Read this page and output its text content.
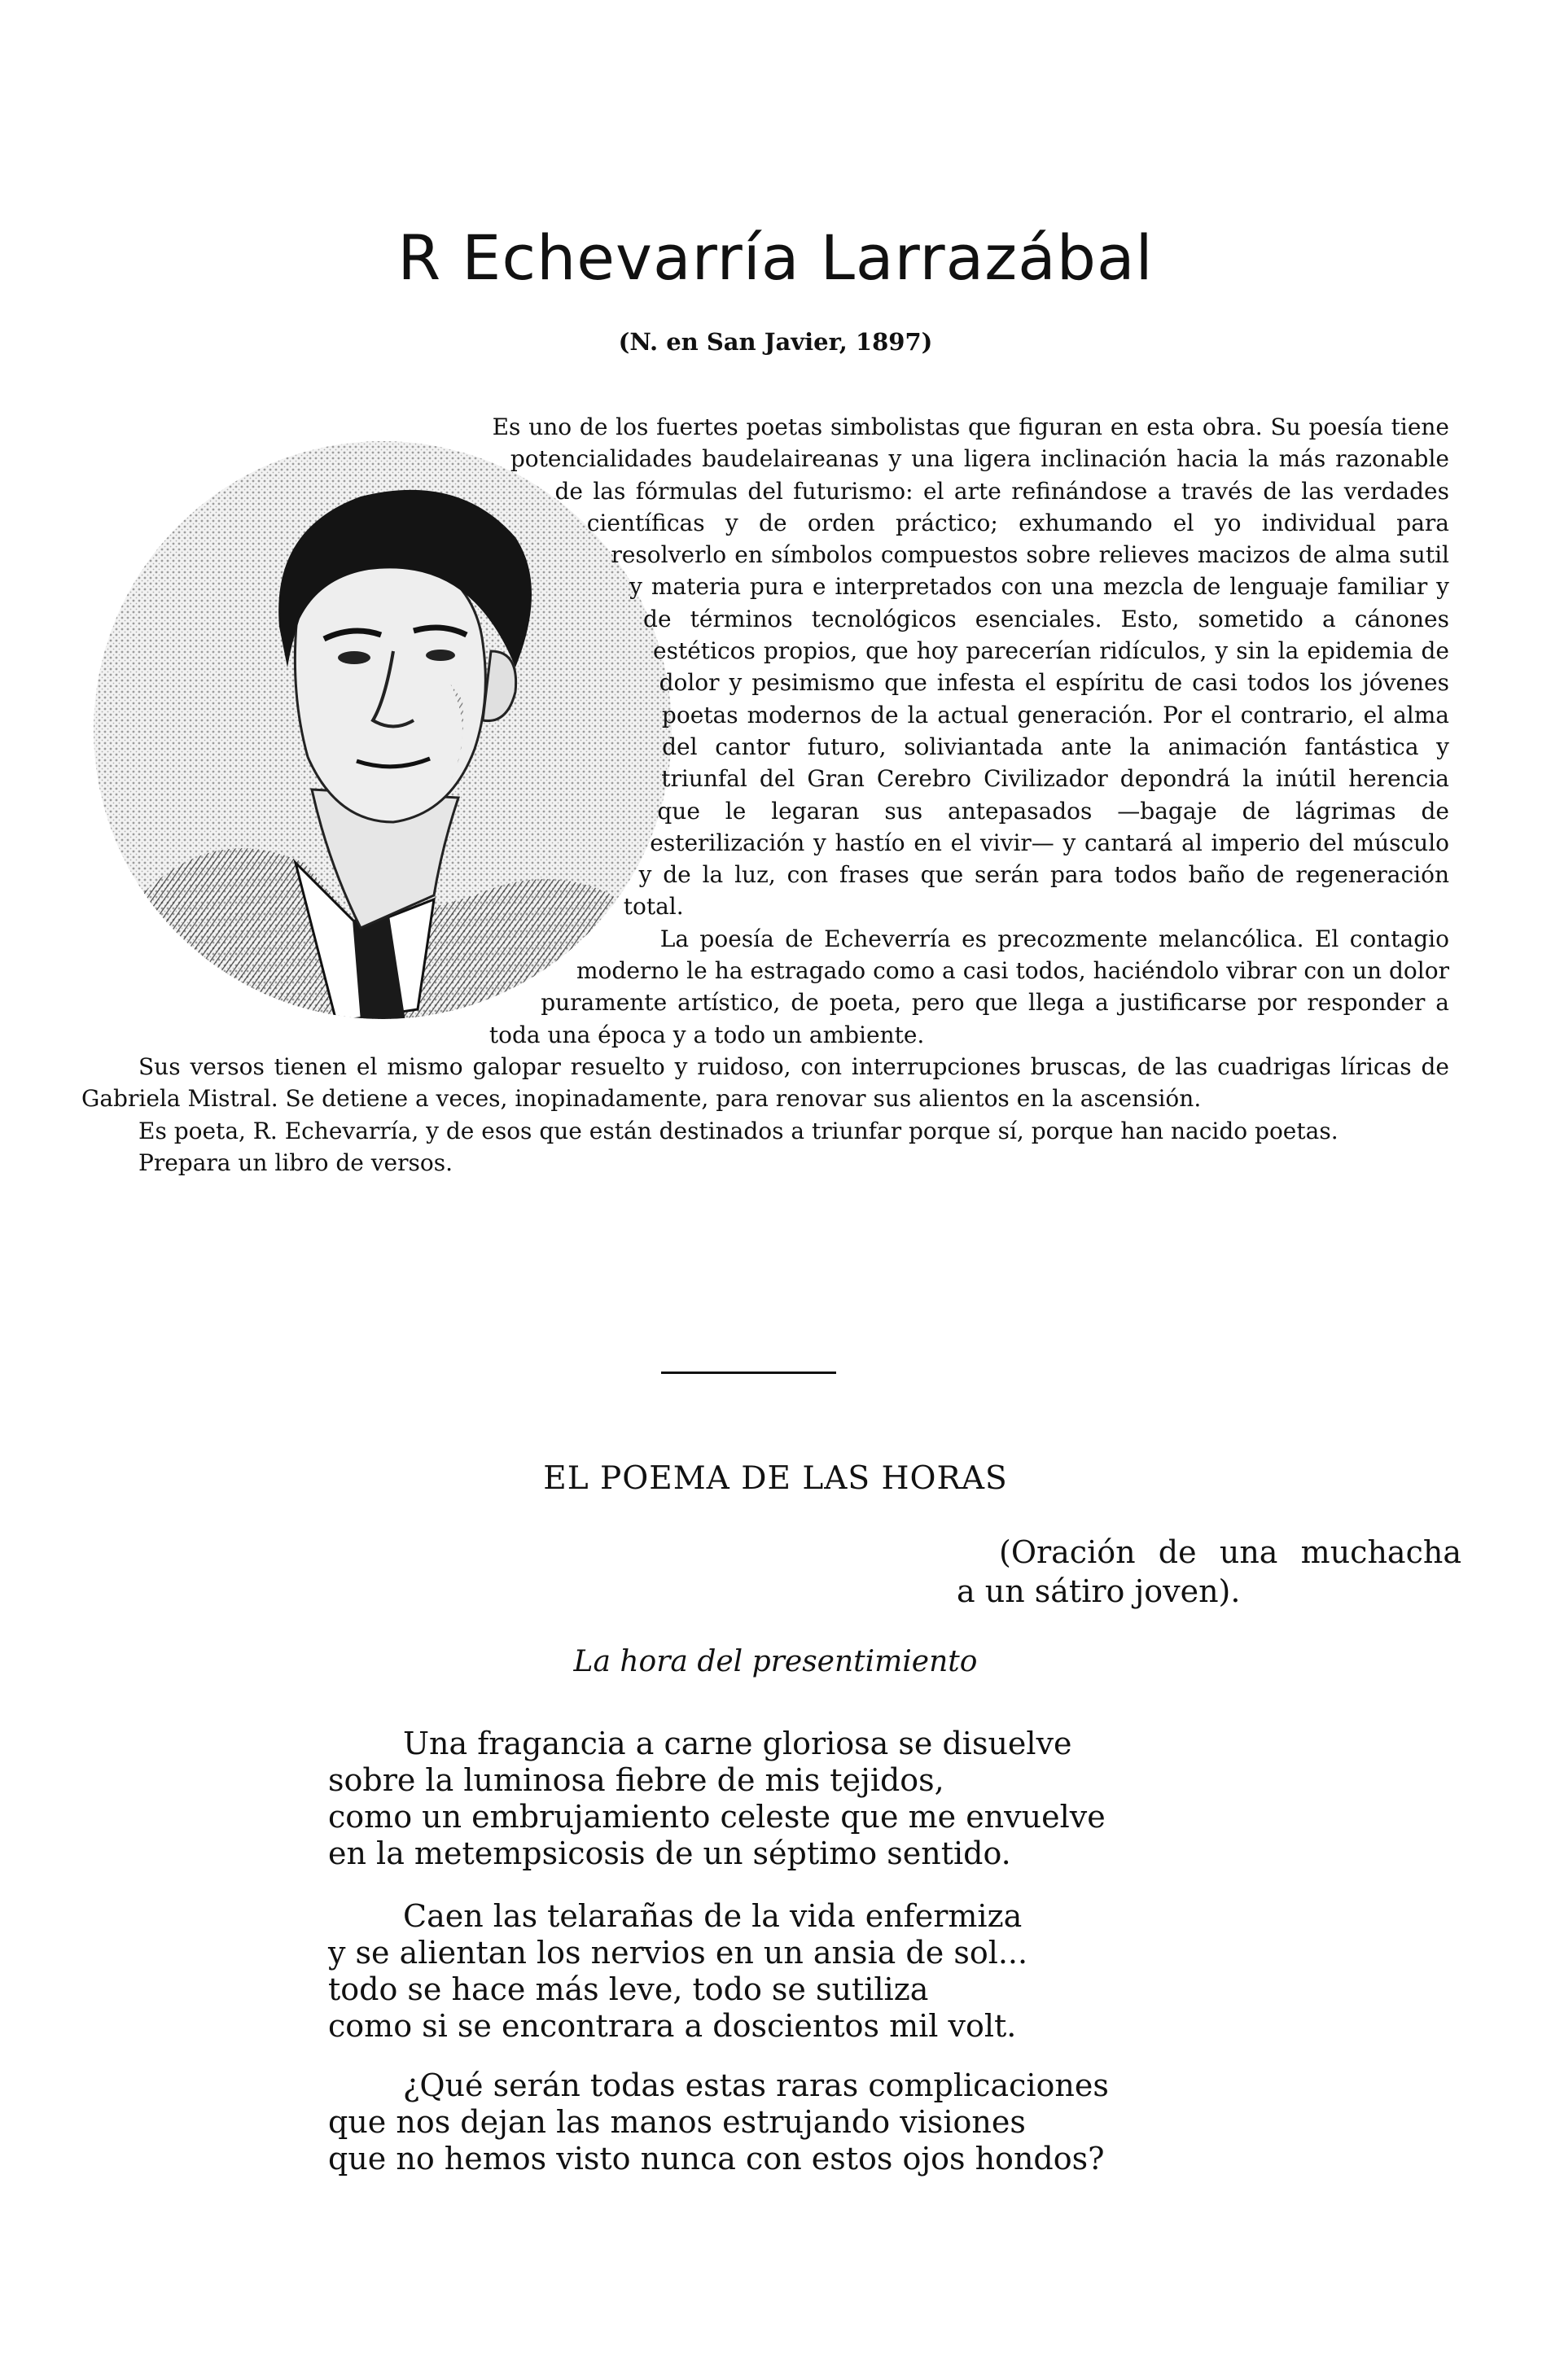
R Echevarría Larrazábal
(N. en San Javier, 1897)

Es uno de los fuertes poetas simbolistas que figuran en esta obra. Su poesía tiene potencialidades baudelaireanas y una ligera inclinación hacia la más razonable de las fórmulas del futurismo: el arte refinándose a través de las verdades científicas y de orden práctico; exhumando el yo individual para resolverlo en símbolos compuestos sobre relieves macizos de alma sutil y materia pura e interpretados con una mezcla de lenguaje familiar y de términos tecnológicos esenciales. Esto, sometido a cánones estéticos propios, que hoy parecerían ridículos, y sin la epidemia de dolor y pesimismo que infesta el espíritu de casi todos los jóvenes poetas modernos de la actual generación. Por el contrario, el alma del cantor futuro, soliviantada ante la animación fantástica y triunfal del Gran Cerebro Civilizador depondrá la inútil herencia que le legaran sus antepasados —bagaje de lágrimas de esterilización y hastío en el vivir— y cantará al imperio del músculo y de la luz, con frases que serán para todos baño de regeneración total.

La poesía de Echeverría es precozmente melancólica. El contagio moderno le ha estragado como a casi todos, haciéndolo vibrar con un dolor puramente artístico, de poeta, pero que llega a justificarse por responder a toda una época y a todo un ambiente.

Sus versos tienen el mismo galopar resuelto y ruidoso, con interrupciones bruscas, de las cuadrigas líricas de Gabriela Mistral. Se detiene a veces, inopinadamente, para renovar sus alientos en la ascensión.

Es poeta, R. Echevarría, y de esos que están destinados a triunfar porque sí, porque han nacido poetas.

Prepara un libro de versos.

EL POEMA DE LAS HORAS

(Oración de una muchacha
a un sátiro joven).

La hora del presentimiento

Una fragancia a carne gloriosa se disuelve
sobre la luminosa fiebre de mis tejidos,
como un embrujamiento celeste que me envuelve
en la metempsicosis de un séptimo sentido.

Caen las telarañas de la vida enfermiza
y se alientan los nervios en un ansia de sol...
todo se hace más leve, todo se sutiliza
como si se encontrara a doscientos mil volt.

¿Qué serán todas estas raras complicaciones
que nos dejan las manos estrujando visiones
que no hemos visto nunca con estos ojos hondos?
